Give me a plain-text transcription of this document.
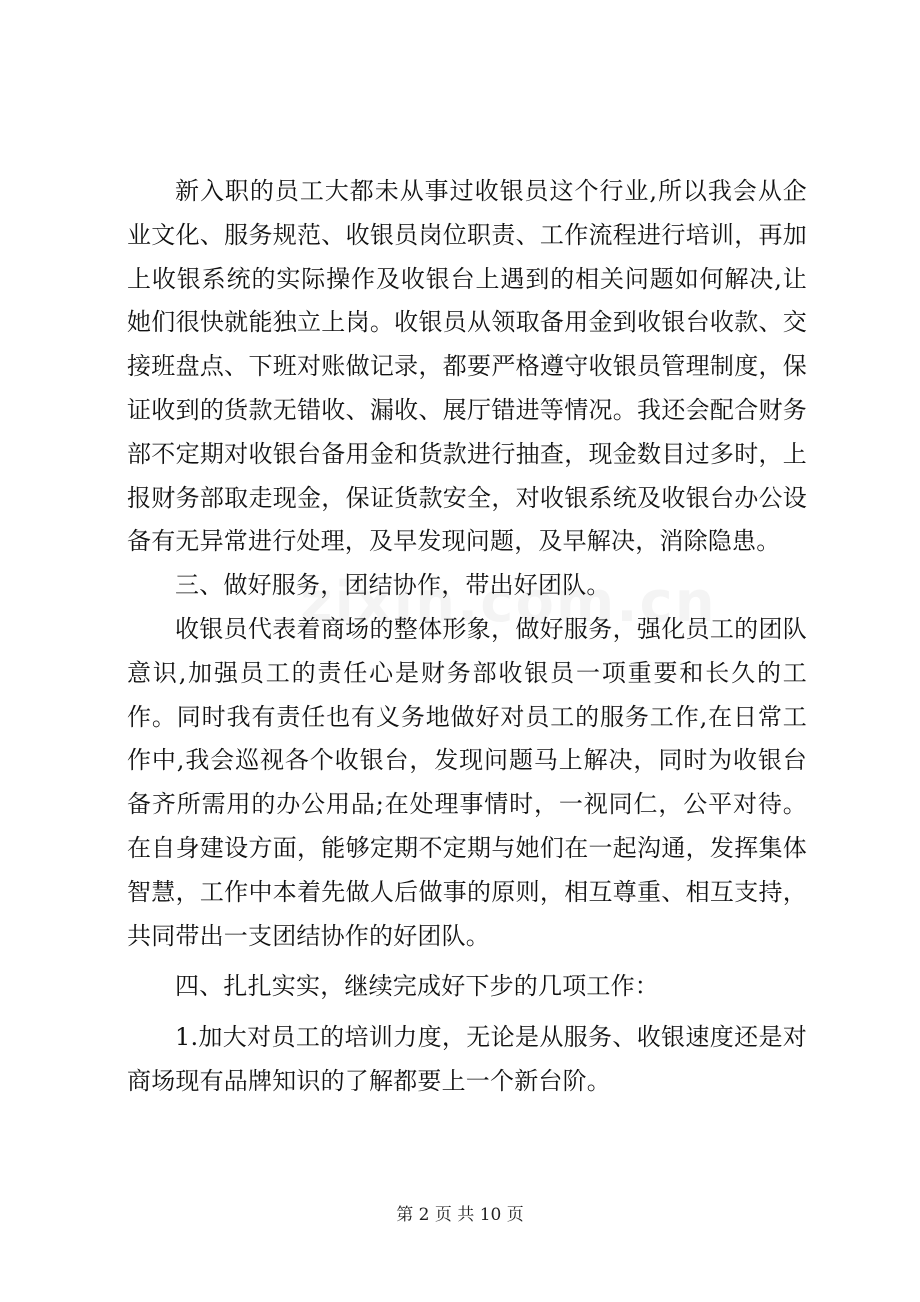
新入职的员工大都未从事过收银员这个行业,所以我会从企业文化、服务规范、收银员岗位职责、工作流程进行培训，再加上收银系统的实际操作及收银台上遇到的相关问题如何解决,让她们很快就能独立上岗。收银员从领取备用金到收银台收款、交接班盘点、下班对账做记录，都要严格遵守收银员管理制度，保证收到的货款无错收、漏收、展厅错进等情况。我还会配合财务部不定期对收银台备用金和货款进行抽查，现金数目过多时，上报财务部取走现金，保证货款安全，对收银系统及收银台办公设备有无异常进行处理，及早发现问题，及早解决，消除隐患。

三、做好服务，团结协作，带出好团队。

收银员代表着商场的整体形象，做好服务，强化员工的团队意识,加强员工的责任心是财务部收银员一项重要和长久的工作。同时我有责任也有义务地做好对员工的服务工作,在日常工作中,我会巡视各个收银台，发现问题马上解决，同时为收银台备齐所需用的办公用品;在处理事情时，一视同仁，公平对待。在自身建设方面，能够定期不定期与她们在一起沟通，发挥集体智慧，工作中本着先做人后做事的原则，相互尊重、相互支持，共同带出一支团结协作的好团队。

四、扎扎实实，继续完成好下步的几项工作：

1.加大对员工的培训力度，无论是从服务、收银速度还是对商场现有品牌知识的了解都要上一个新台阶。

第 2 页 共 10 页
